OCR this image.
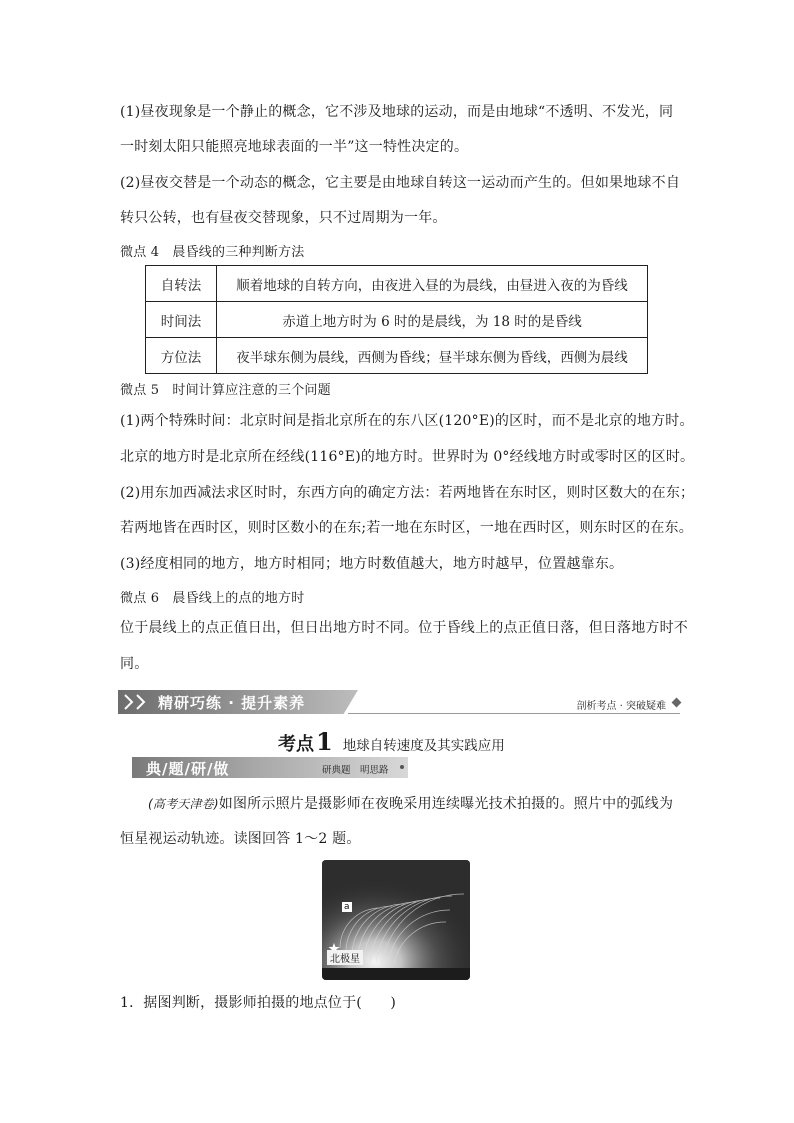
(1)昼夜现象是一个静止的概念，它不涉及地球的运动，而是由地球“不透明、不发光，同
一时刻太阳只能照亮地球表面的一半”这一特性决定的。
(2)昼夜交替是一个动态的概念，它主要是由地球自转这一运动而产生的。但如果地球不自
转只公转，也有昼夜交替现象，只不过周期为一年。
微点 4　晨昏线的三种判断方法
自转法	顺着地球的自转方向，由夜进入昼的为晨线，由昼进入夜的为昏线
时间法	赤道上地方时为 6 时的是晨线，为 18 时的是昏线
方位法	夜半球东侧为晨线，西侧为昏线；昼半球东侧为昏线，西侧为晨线
微点 5　时间计算应注意的三个问题
(1)两个特殊时间：北京时间是指北京所在的东八区(120°E)的区时，而不是北京的地方时。
北京的地方时是北京所在经线(116°E)的地方时。世界时为 0°经线地方时或零时区的区时。
(2)用东加西减法求区时时，东西方向的确定方法：若两地皆在东时区，则时区数大的在东；
若两地皆在西时区，则时区数小的在东;若一地在东时区，一地在西时区，则东时区的在东。
(3)经度相同的地方，地方时相同；地方时数值越大，地方时越早，位置越靠东。
微点 6　晨昏线上的点的地方时
位于晨线上的点正值日出，但日出地方时不同。位于昏线上的点正值日落，但日落地方时不
同。
精研巧练 · 提升素养	剖析考点 · 突破疑难
考点1 地球自转速度及其实践应用
典/题/研/做	研典题　明思路
(高考天津卷)如图所示照片是摄影师在夜晚采用连续曝光技术拍摄的。照片中的弧线为
恒星视运动轨迹。读图回答 1～2 题。
a
北极星
1．据图判断，摄影师拍摄的地点位于(　　)
